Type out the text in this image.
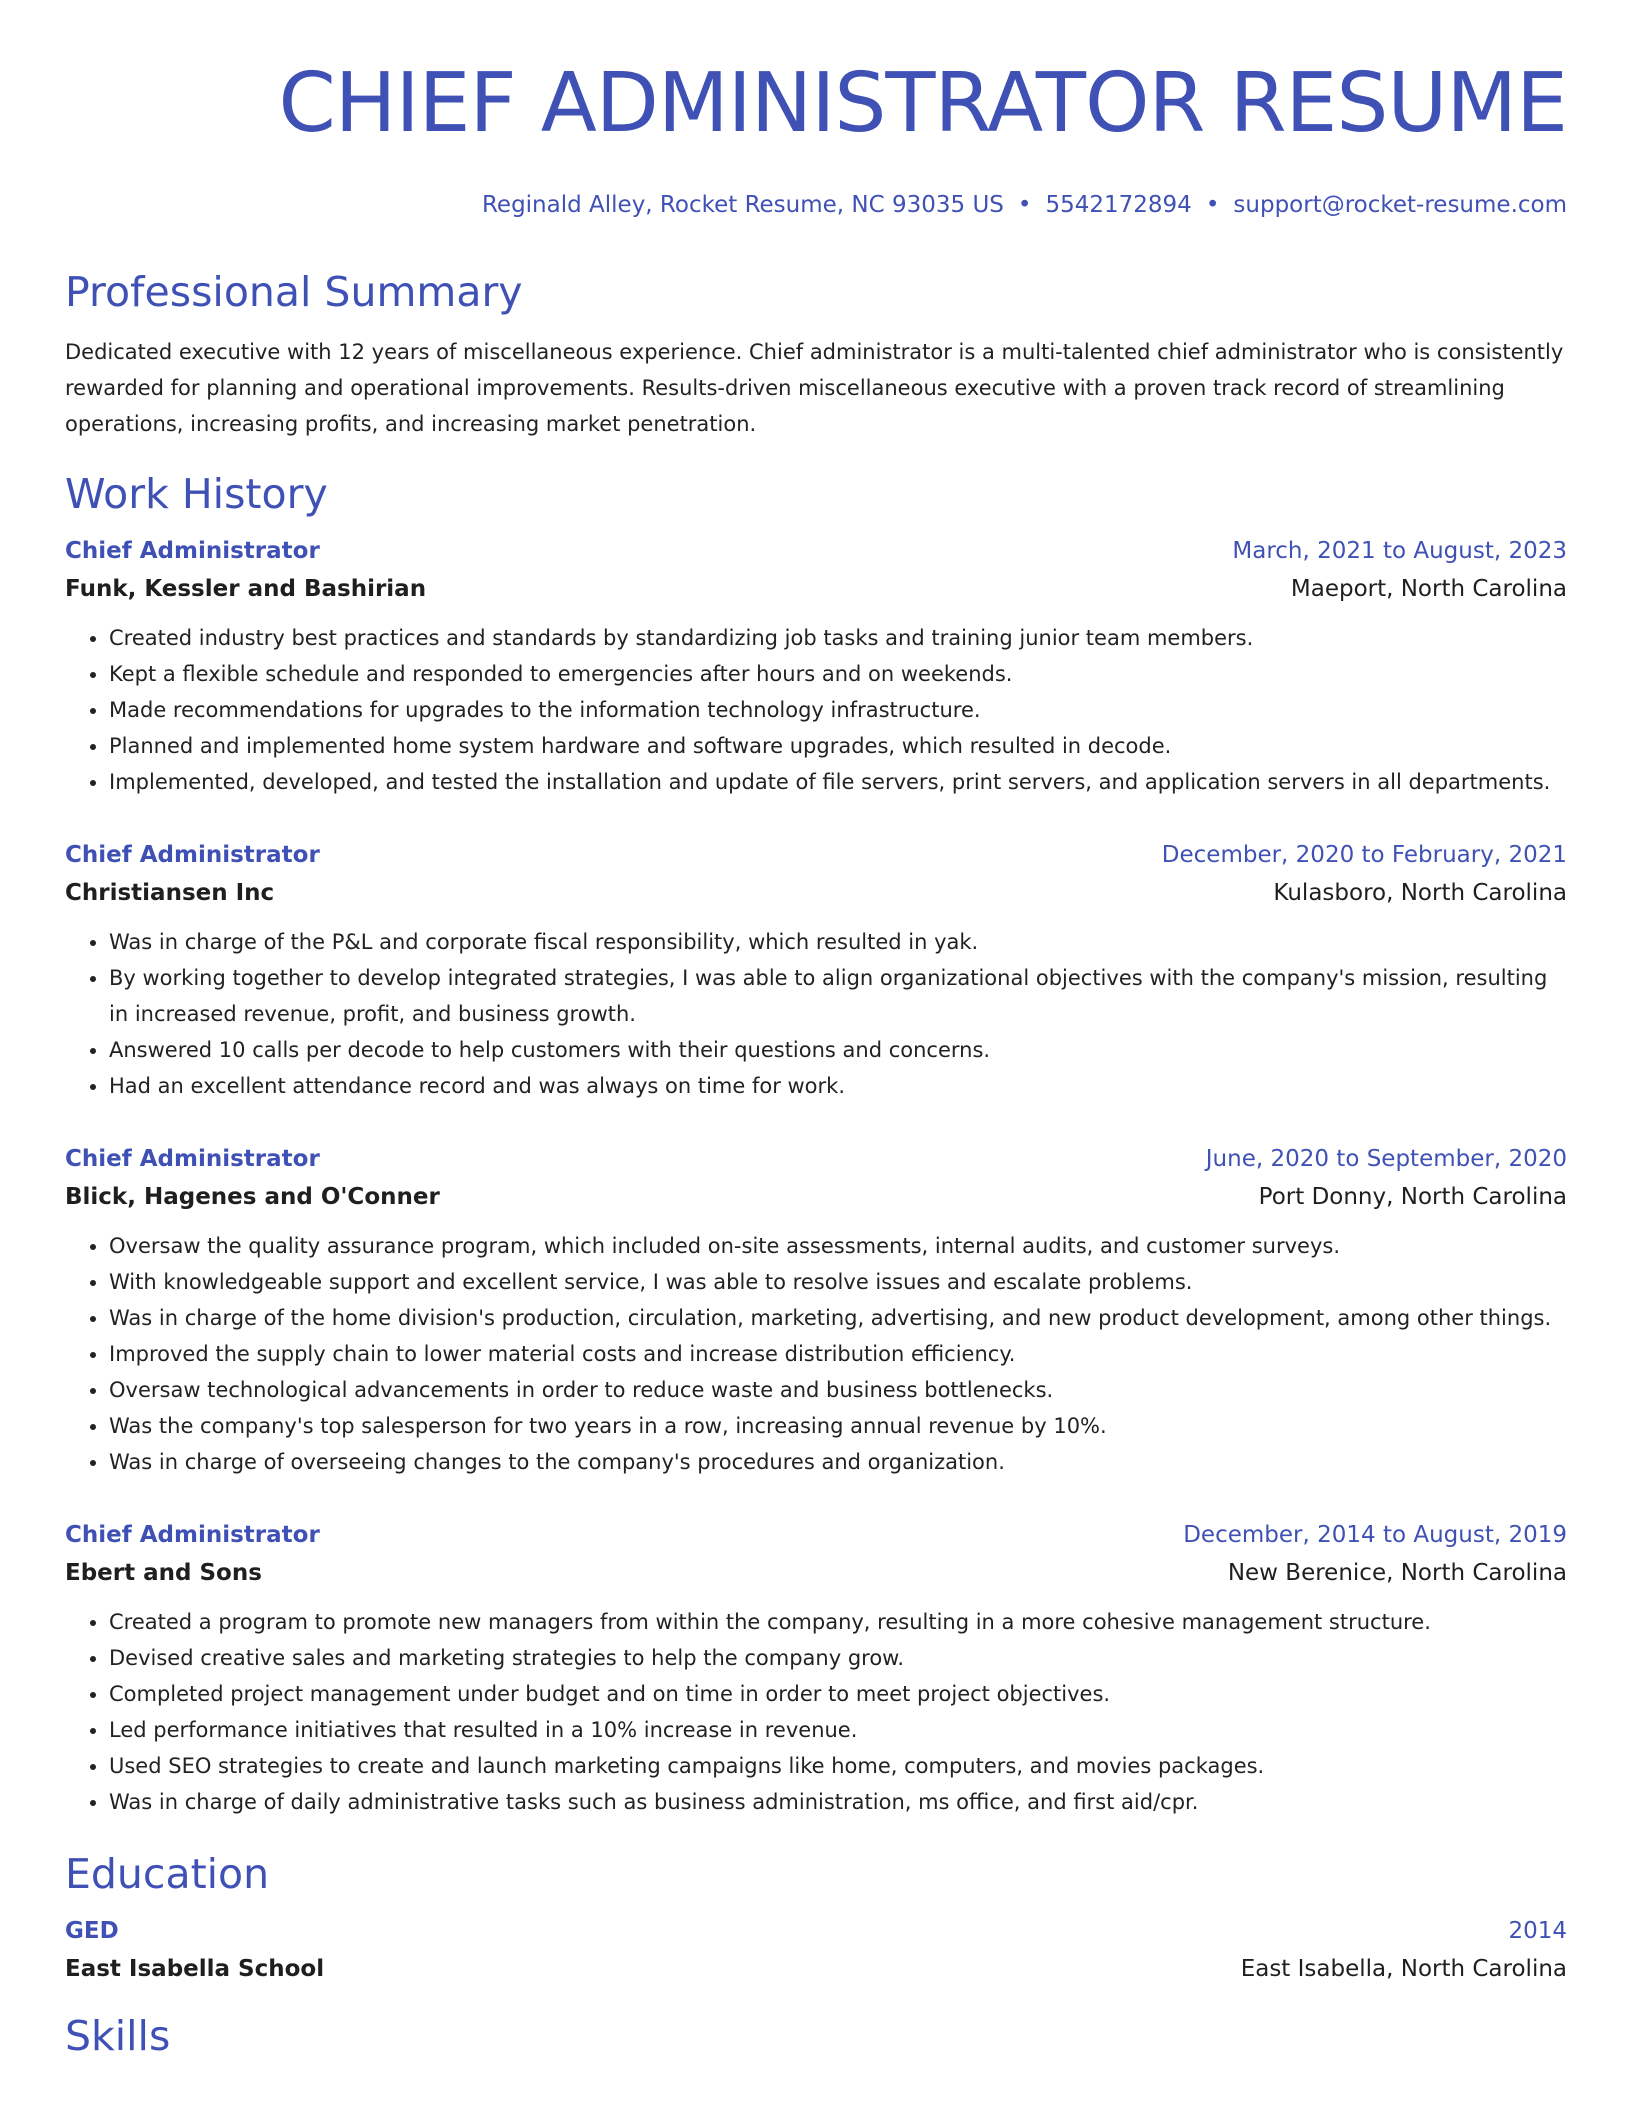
CHIEF ADMINISTRATOR RESUME
Reginald Alley, Rocket Resume, NC 93035 US • 5542172894 • support@rocket-resume.com
Professional Summary
Dedicated executive with 12 years of miscellaneous experience. Chief administrator is a multi-talented chief administrator who is consistently rewarded for planning and operational improvements. Results-driven miscellaneous executive with a proven track record of streamlining operations, increasing profits, and increasing market penetration.
Work History
Chief Administrator	March, 2021 to August, 2023
Funk, Kessler and Bashirian	Maeport, North Carolina
• Created industry best practices and standards by standardizing job tasks and training junior team members.
• Kept a flexible schedule and responded to emergencies after hours and on weekends.
• Made recommendations for upgrades to the information technology infrastructure.
• Planned and implemented home system hardware and software upgrades, which resulted in decode.
• Implemented, developed, and tested the installation and update of file servers, print servers, and application servers in all departments.
Chief Administrator	December, 2020 to February, 2021
Christiansen Inc	Kulasboro, North Carolina
• Was in charge of the P&L and corporate fiscal responsibility, which resulted in yak.
• By working together to develop integrated strategies, I was able to align organizational objectives with the company's mission, resulting in increased revenue, profit, and business growth.
• Answered 10 calls per decode to help customers with their questions and concerns.
• Had an excellent attendance record and was always on time for work.
Chief Administrator	June, 2020 to September, 2020
Blick, Hagenes and O'Conner	Port Donny, North Carolina
• Oversaw the quality assurance program, which included on-site assessments, internal audits, and customer surveys.
• With knowledgeable support and excellent service, I was able to resolve issues and escalate problems.
• Was in charge of the home division's production, circulation, marketing, advertising, and new product development, among other things.
• Improved the supply chain to lower material costs and increase distribution efficiency.
• Oversaw technological advancements in order to reduce waste and business bottlenecks.
• Was the company's top salesperson for two years in a row, increasing annual revenue by 10%.
• Was in charge of overseeing changes to the company's procedures and organization.
Chief Administrator	December, 2014 to August, 2019
Ebert and Sons	New Berenice, North Carolina
• Created a program to promote new managers from within the company, resulting in a more cohesive management structure.
• Devised creative sales and marketing strategies to help the company grow.
• Completed project management under budget and on time in order to meet project objectives.
• Led performance initiatives that resulted in a 10% increase in revenue.
• Used SEO strategies to create and launch marketing campaigns like home, computers, and movies packages.
• Was in charge of daily administrative tasks such as business administration, ms office, and first aid/cpr.
Education
GED	2014
East Isabella School	East Isabella, North Carolina
Skills
